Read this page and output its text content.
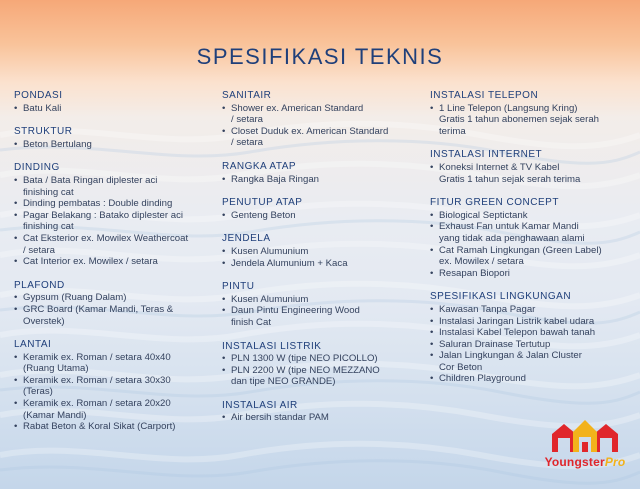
SPESIFIKASI TEKNIS
PONDASI
• Batu Kali
STRUKTUR
• Beton Bertulang
DINDING
• Bata / Bata Ringan diplester aci
finishing cat
• Dinding pembatas : Double dinding
• Pagar Belakang : Batako diplester aci
finishing cat
• Cat Eksterior ex. Mowilex Weathercoat
/ setara
• Cat Interior ex. Mowilex / setara
PLAFOND
• Gypsum (Ruang Dalam)
• GRC Board (Kamar Mandi, Teras &
Overstek)
LANTAI
• Keramik ex. Roman / setara 40x40
(Ruang Utama)
• Keramik ex. Roman / setara 30x30
(Teras)
• Keramik ex. Roman / setara 20x20
(Kamar Mandi)
• Rabat Beton & Koral Sikat (Carport)
SANITAIR
• Shower ex. American Standard
/ setara
• Closet Duduk ex. American Standard
/ setara
RANGKA ATAP
• Rangka Baja Ringan
PENUTUP ATAP
• Genteng Beton
JENDELA
• Kusen Alumunium
• Jendela Alumunium + Kaca
PINTU
• Kusen Alumunium
• Daun Pintu Engineering Wood
finish Cat
INSTALASI LISTRIK
• PLN 1300 W (tipe NEO PICOLLO)
• PLN 2200 W (tipe NEO MEZZANO
dan tipe NEO GRANDE)
INSTALASI AIR
• Air bersih standar PAM
INSTALASI TELEPON
• 1 Line Telepon (Langsung Kring)
Gratis 1 tahun abonemen sejak serah
terima
INSTALASI INTERNET
• Koneksi Internet & TV Kabel
Gratis 1 tahun sejak serah terima
FITUR GREEN CONCEPT
• Biological Septictank
• Exhaust Fan untuk Kamar Mandi
yang tidak ada penghawaan alami
• Cat Ramah Lingkungan (Green Label)
ex. Mowilex / setara
• Resapan Biopori
SPESIFIKASI LINGKUNGAN
• Kawasan Tanpa Pagar
• Instalasi Jaringan Listrik kabel udara
• Instalasi Kabel Telepon bawah tanah
• Saluran Drainase Tertutup
• Jalan Lingkungan & Jalan Cluster
Cor Beton
• Children Playground
YoungsterPro
